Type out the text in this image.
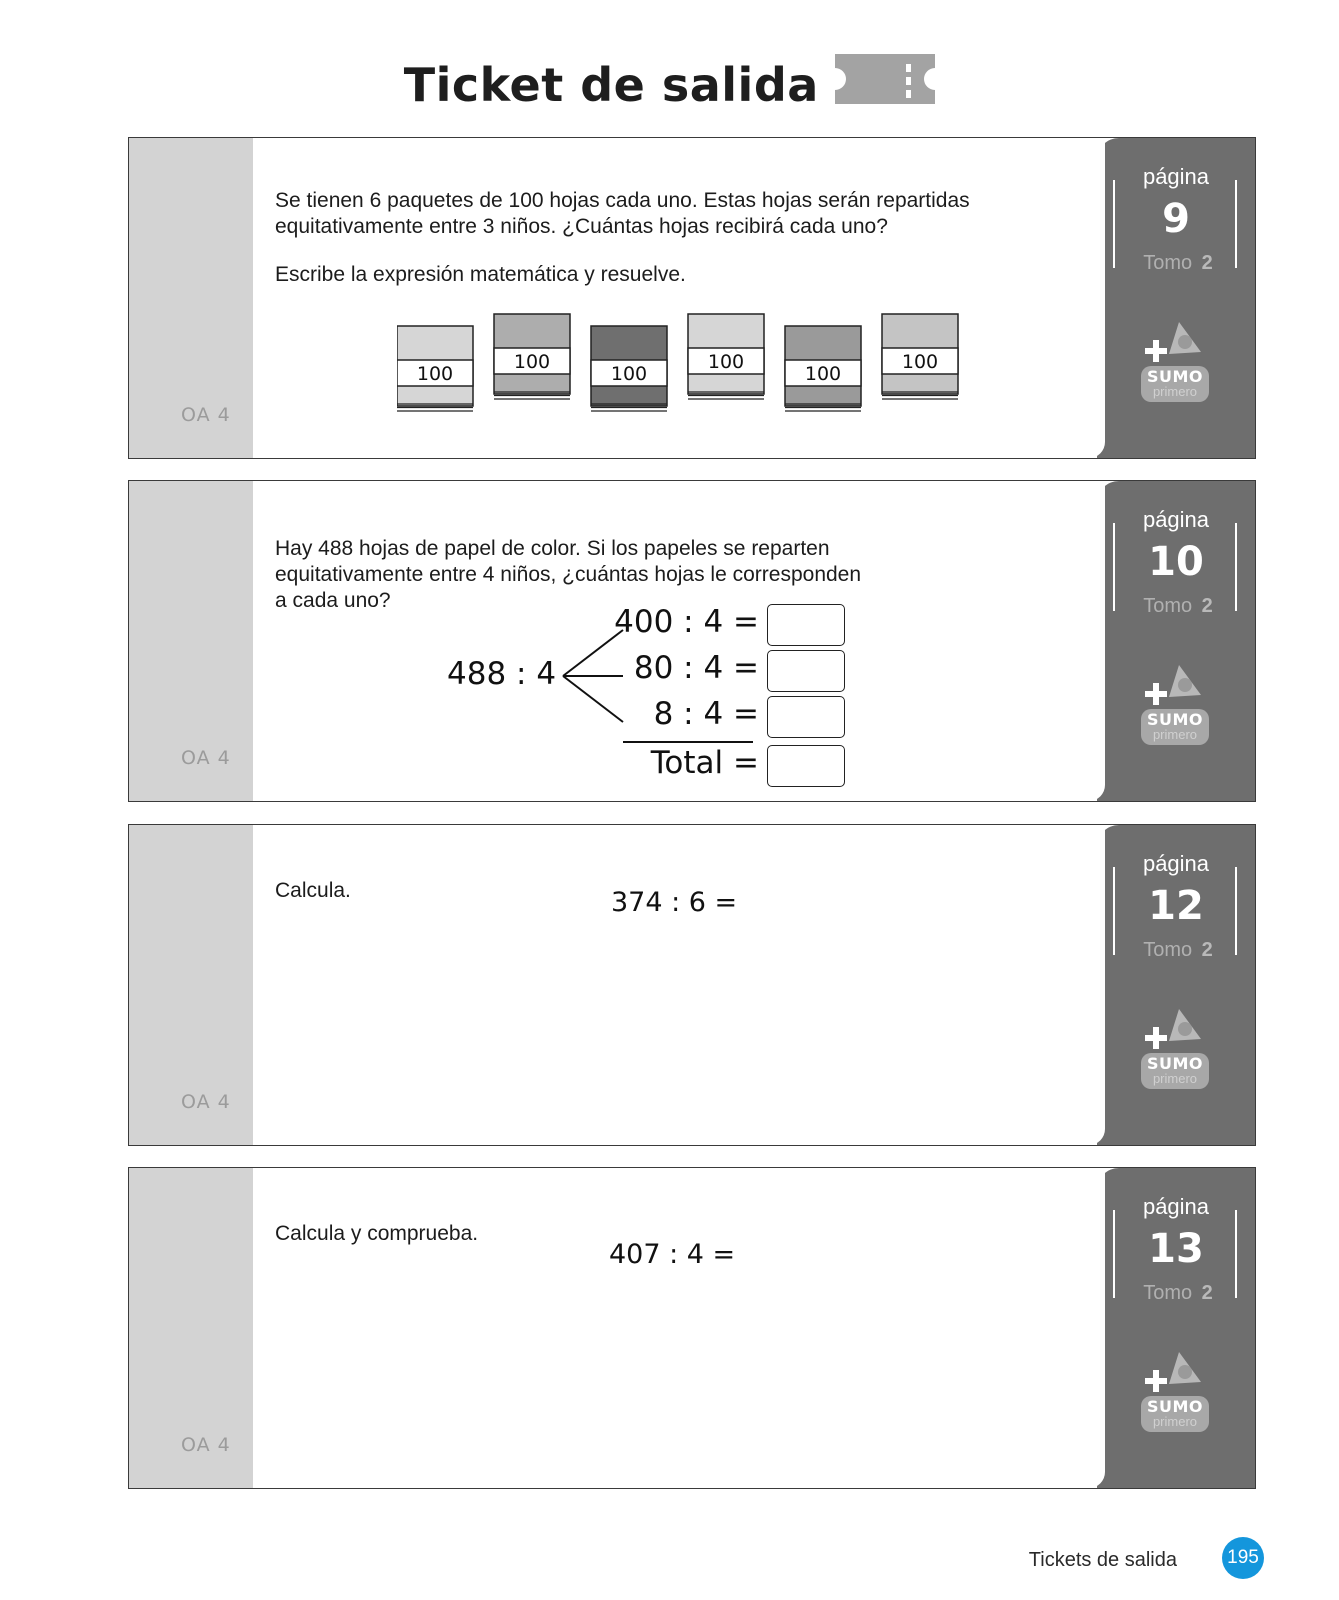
Ticket de salida
OA 4
Se tienen 6 paquetes de 100 hojas cada uno. Estas hojas serán repartidas
equitativamente entre 3 niños. ¿Cuántas hojas recibirá cada uno?
Escribe la expresión matemática y resuelve.
100
100
100
100
100
100
página
9
Tomo 2
SUMO
primero
OA 4
Hay 488 hojas de papel de color. Si los papeles se reparten
equitativamente entre 4 niños, ¿cuántas hojas le corresponden
a cada uno?
488 : 4
400 : 4 =
80 : 4 =
8 : 4 =
Total =
página
10
Tomo 2
SUMO
primero
OA 4
Calcula.	374 : 6 =
página
12
Tomo 2
SUMO
primero
OA 4
Calcula y comprueba.
407 : 4 =
página
13
Tomo 2
SUMO
primero
Tickets de salida	195
